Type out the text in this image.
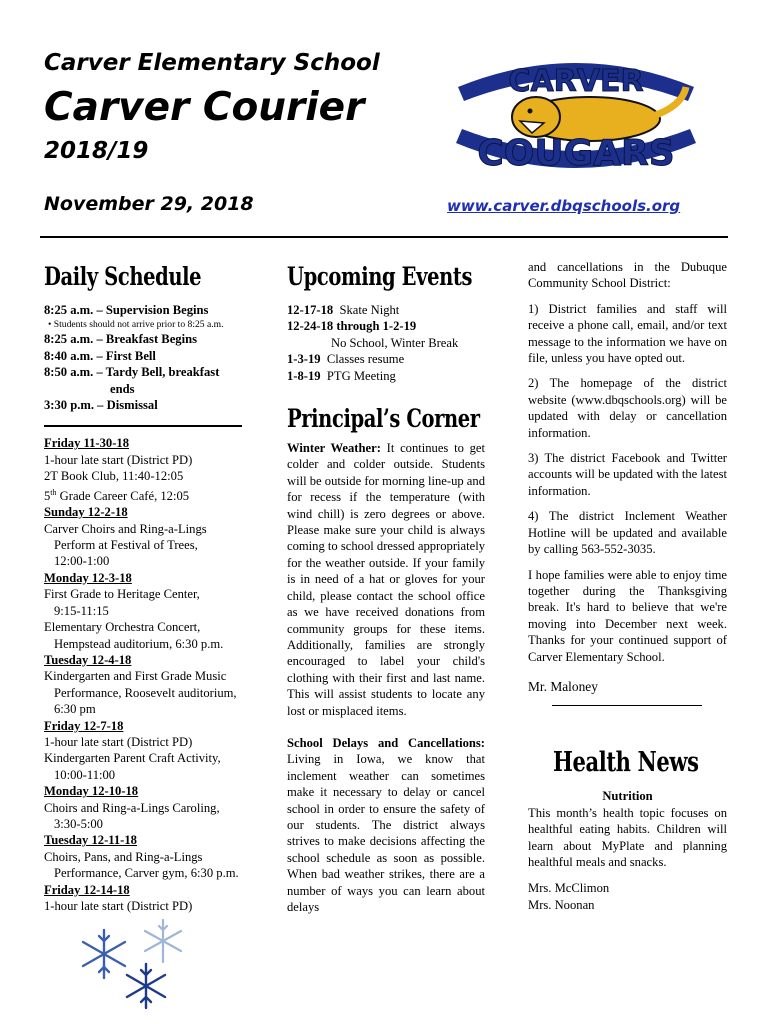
Carver Elementary School
Carver Courier
2018/19
November 29, 2018	www.carver.dbqschools.org
CARVER
COUGARS
Daily Schedule

8:25 a.m. – Supervision Begins

• Students should not arrive prior to 8:25 a.m.

8:25 a.m. – Breakfast Begins

8:40 a.m. – First Bell

8:50 a.m. – Tardy Bell, breakfast

ends

3:30 p.m. – Dismissal

Friday 11-30-18

1-hour late start (District PD)

2T Book Club, 11:40-12:05

5th Grade Career Café, 12:05

Sunday 12-2-18

Carver Choirs and Ring-a-Lings

Perform at Festival of Trees,

12:00-1:00

Monday 12-3-18

First Grade to Heritage Center,

9:15-11:15

Elementary Orchestra Concert,

Hempstead auditorium, 6:30 p.m.

Tuesday 12-4-18

Kindergarten and First Grade Music

Performance, Roosevelt auditorium,

6:30 pm

Friday 12-7-18

1-hour late start (District PD)

Kindergarten Parent Craft Activity,

10:00-11:00

Monday 12-10-18

Choirs and Ring-a-Lings Caroling,

3:30-5:00

Tuesday 12-11-18

Choirs, Pans, and Ring-a-Lings

Performance, Carver gym, 6:30 p.m.

Friday 12-14-18

1-hour late start (District PD)

Upcoming Events

12-17-18 Skate Night

12-24-18 through 1-2-19

No School, Winter Break

1-3-19 Classes resume

1-8-19 PTG Meeting

Principal’s Corner

Winter Weather: It continues to get colder and colder outside. Students will be outside for morning line-up and for recess if the temperature (with wind chill) is zero degrees or above. Please make sure your child is always coming to school dressed appropriately for the weather outside. If your family is in need of a hat or gloves for your child, please contact the school office as we have received donations from community groups for these items. Additionally, families are strongly encouraged to label your child's clothing with their first and last name. This will assist students to locate any lost or misplaced items.

School Delays and Cancellations: Living in Iowa, we know that inclement weather can sometimes make it necessary to delay or cancel school in order to ensure the safety of our students. The district always strives to make decisions affecting the school schedule as soon as possible. When bad weather strikes, there are a number of ways you can learn about delays

and cancellations in the Dubuque Community School District:

1) District families and staff will receive a phone call, email, and/or text message to the information we have on file, unless you have opted out.

2) The homepage of the district website (www.dbqschools.org) will be updated with delay or cancellation information.

3) The district Facebook and Twitter accounts will be updated with the latest information.

4) The district Inclement Weather Hotline will be updated and available by calling 563-552-3035.

I hope families were able to enjoy time together during the Thanksgiving break. It's hard to believe that we're moving into December next week. Thanks for your continued support of Carver Elementary School.

Mr. Maloney

Health News

Nutrition

This month’s health topic focuses on healthful eating habits. Children will learn about MyPlate and planning healthful meals and snacks.

Mrs. McClimon

Mrs. Noonan
